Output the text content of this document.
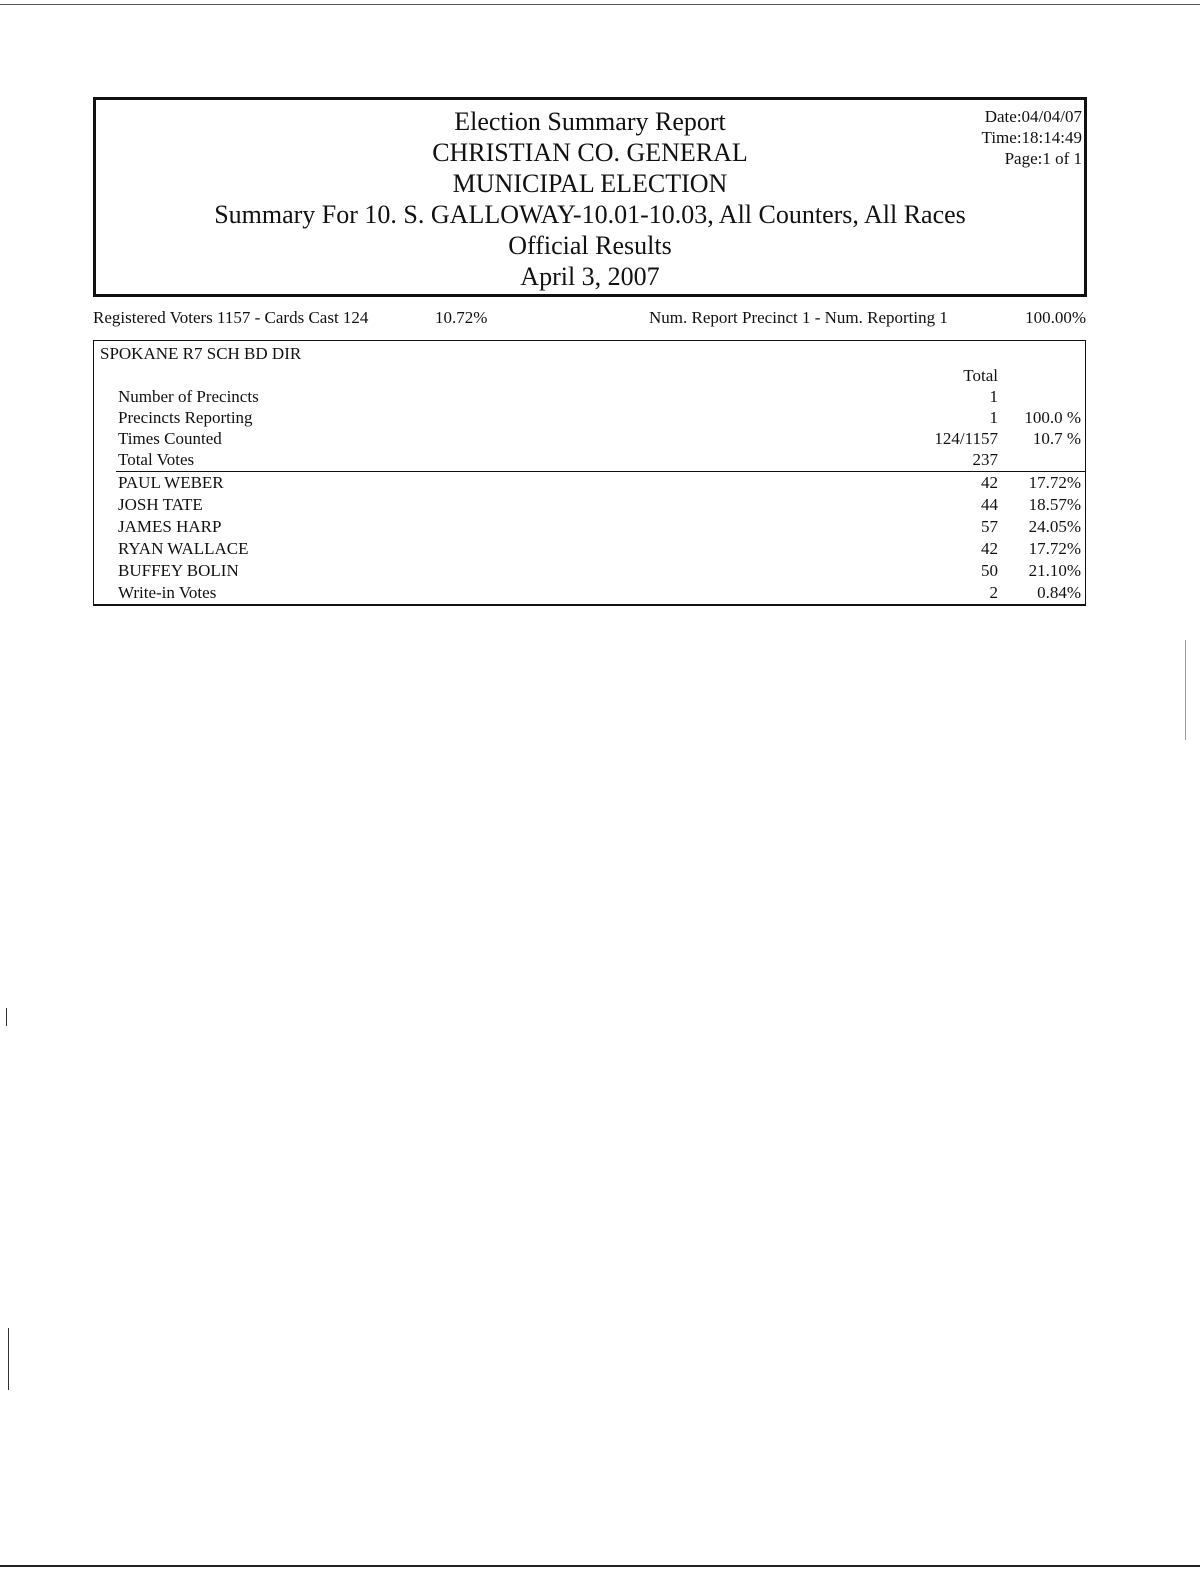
Election Summary Report
CHRISTIAN CO. GENERAL
MUNICIPAL ELECTION
Summary For 10. S. GALLOWAY-10.01-10.03, All Counters, All Races
Official Results
April 3, 2007
Date:04/04/07
Time:18:14:49
Page:1 of 1
Registered Voters 1157 - Cards Cast 124	10.72%	Num. Report Precinct 1 - Num. Reporting 1	100.00%
SPOKANE R7 SCH BD DIR
Total
Number of Precincts	1
Precincts Reporting	1 100.0 %
Times Counted	124/1157 10.7 %
Total Votes	237
PAUL WEBER	42 17.72%
JOSH TATE	44 18.57%
JAMES HARP	57 24.05%
RYAN WALLACE	42 17.72%
BUFFEY BOLIN	50 21.10%
Write-in Votes	2 0.84%
